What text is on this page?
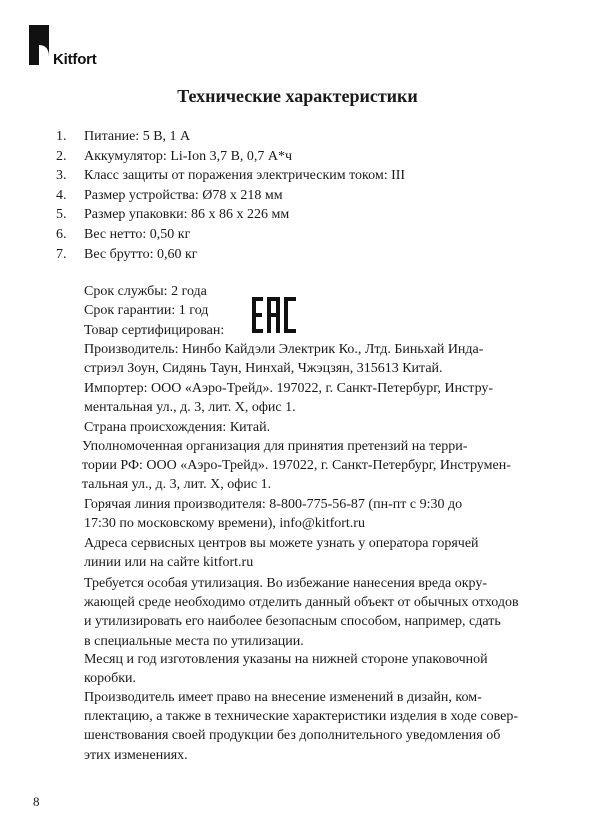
Kitfort
Технические характеристики
1. Питание: 5 В, 1 А
2. Аккумулятор: Li-Ion 3,7 В, 0,7 А*ч
3. Класс защиты от поражения электрическим током: III
4. Размер устройства: Ø78 х 218 мм
5. Размер упаковки: 86 х 86 х 226 мм
6. Вес нетто: 0,50 кг
7. Вес брутто: 0,60 кг
Срок службы: 2 года
Срок гарантии: 1 год
Товар сертифицирован:

Производитель: Нинбо Кайдэли Электрик Ко., Лтд. Биньхай Инда-
стриэл Зоун, Сидянь Таун, Нинхай, Чжэцзян, 315613 Китай.

Импортер: ООО «Аэро-Трейд». 197022, г. Санкт-Петербург, Инстру-
ментальная ул., д. 3, лит. Х, офис 1.

Страна происхождения: Китай.

Уполномоченная организация для принятия претензий на терри-
тории РФ: ООО «Аэро-Трейд». 197022, г. Санкт-Петербург, Инструмен-
тальная ул., д. 3, лит. Х, офис 1.

Горячая линия производителя: 8-800-775-56-87 (пн-пт с 9:30 до
17:30 по московскому времени), info@kitfort.ru

Адреса сервисных центров вы можете узнать у оператора горячей
линии или на сайте kitfort.ru

Требуется особая утилизация. Во избежание нанесения вреда окру-
жающей среде необходимо отделить данный объект от обычных отходов
и утилизировать его наиболее безопасным способом, например, сдать
в специальные места по утилизации.

Месяц и год изготовления указаны на нижней стороне упаковочной
коробки.

Производитель имеет право на внесение изменений в дизайн, ком-
плектацию, а также в технические характеристики изделия в ходе совер-
шенствования своей продукции без дополнительного уведомления об
этих изменениях.

8
